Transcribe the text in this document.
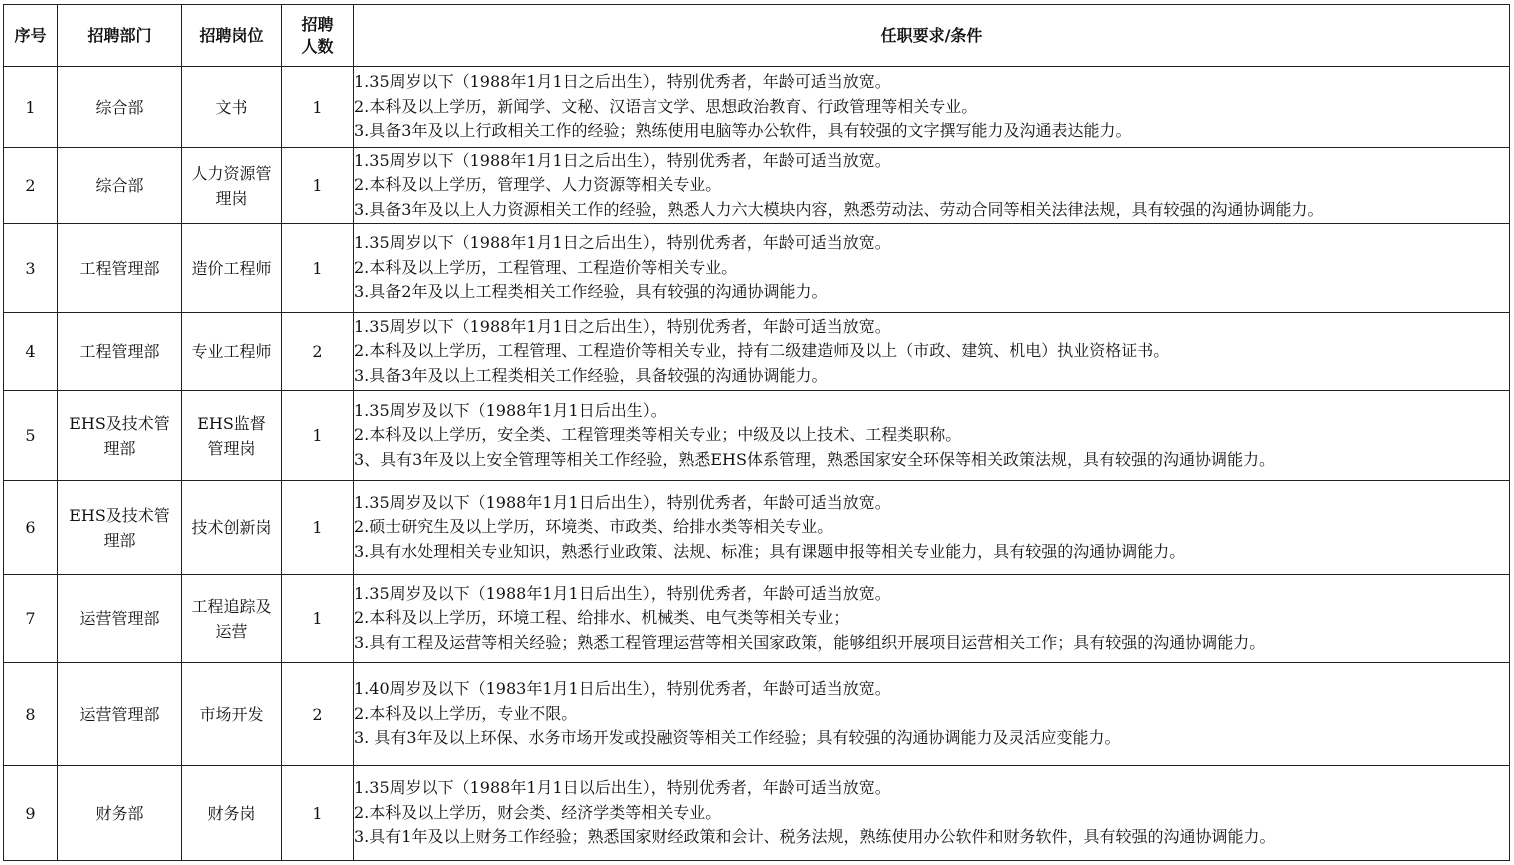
序号	招聘部门	招聘岗位	招聘人数	任职要求/条件
1	综合部	文书	1	1.35周岁以下（1988年1月1日之后出生），特别优秀者，年龄可适当放宽。
2.本科及以上学历，新闻学、文秘、汉语言文学、思想政治教育、行政管理等相关专业。
3.具备3年及以上行政相关工作的经验；熟练使用电脑等办公软件，具有较强的文字撰写能力及沟通表达能力。

2	综合部	人力资源管理岗	1	1.35周岁以下（1988年1月1日之后出生），特别优秀者，年龄可适当放宽。
2.本科及以上学历，管理学、人力资源等相关专业。
3.具备3年及以上人力资源相关工作的经验，熟悉人力六大模块内容，熟悉劳动法、劳动合同等相关法律法规，具有较强的沟通协调能力。

3	工程管理部	造价工程师	1	1.35周岁以下（1988年1月1日之后出生），特别优秀者，年龄可适当放宽。
2.本科及以上学历，工程管理、工程造价等相关专业。
3.具备2年及以上工程类相关工作经验，具有较强的沟通协调能力。

4	工程管理部	专业工程师	2	1.35周岁以下（1988年1月1日之后出生），特别优秀者，年龄可适当放宽。
2.本科及以上学历，工程管理、工程造价等相关专业，持有二级建造师及以上（市政、建筑、机电）执业资格证书。
3.具备3年及以上工程类相关工作经验，具备较强的沟通协调能力。

5	EHS及技术管理部	EHS监督管理岗	1	1.35周岁及以下（1988年1月1日后出生）。
2.本科及以上学历，安全类、工程管理类等相关专业；中级及以上技术、工程类职称。
3、具有3年及以上安全管理等相关工作经验，熟悉EHS体系管理，熟悉国家安全环保等相关政策法规，具有较强的沟通协调能力。

6	EHS及技术管理部	技术创新岗	1	1.35周岁及以下（1988年1月1日后出生），特别优秀者，年龄可适当放宽。
2.硕士研究生及以上学历，环境类、市政类、给排水类等相关专业。
3.具有水处理相关专业知识，熟悉行业政策、法规、标准；具有课题申报等相关专业能力，具有较强的沟通协调能力。

7	运营管理部	工程追踪及运营	1	1.35周岁及以下（1988年1月1日后出生），特别优秀者，年龄可适当放宽。
2.本科及以上学历，环境工程、给排水、机械类、电气类等相关专业；
3.具有工程及运营等相关经验；熟悉工程管理运营等相关国家政策，能够组织开展项目运营相关工作；具有较强的沟通协调能力。

8	运营管理部	市场开发	2	1.40周岁及以下（1983年1月1日后出生），特别优秀者，年龄可适当放宽。
2.本科及以上学历，专业不限。
3. 具有3年及以上环保、水务市场开发或投融资等相关工作经验；具有较强的沟通协调能力及灵活应变能力。

9	财务部	财务岗	1	1.35周岁以下（1988年1月1日以后出生），特别优秀者，年龄可适当放宽。
2.本科及以上学历，财会类、经济学类等相关专业。
3.具有1年及以上财务工作经验；熟悉国家财经政策和会计、税务法规，熟练使用办公软件和财务软件，具有较强的沟通协调能力。
